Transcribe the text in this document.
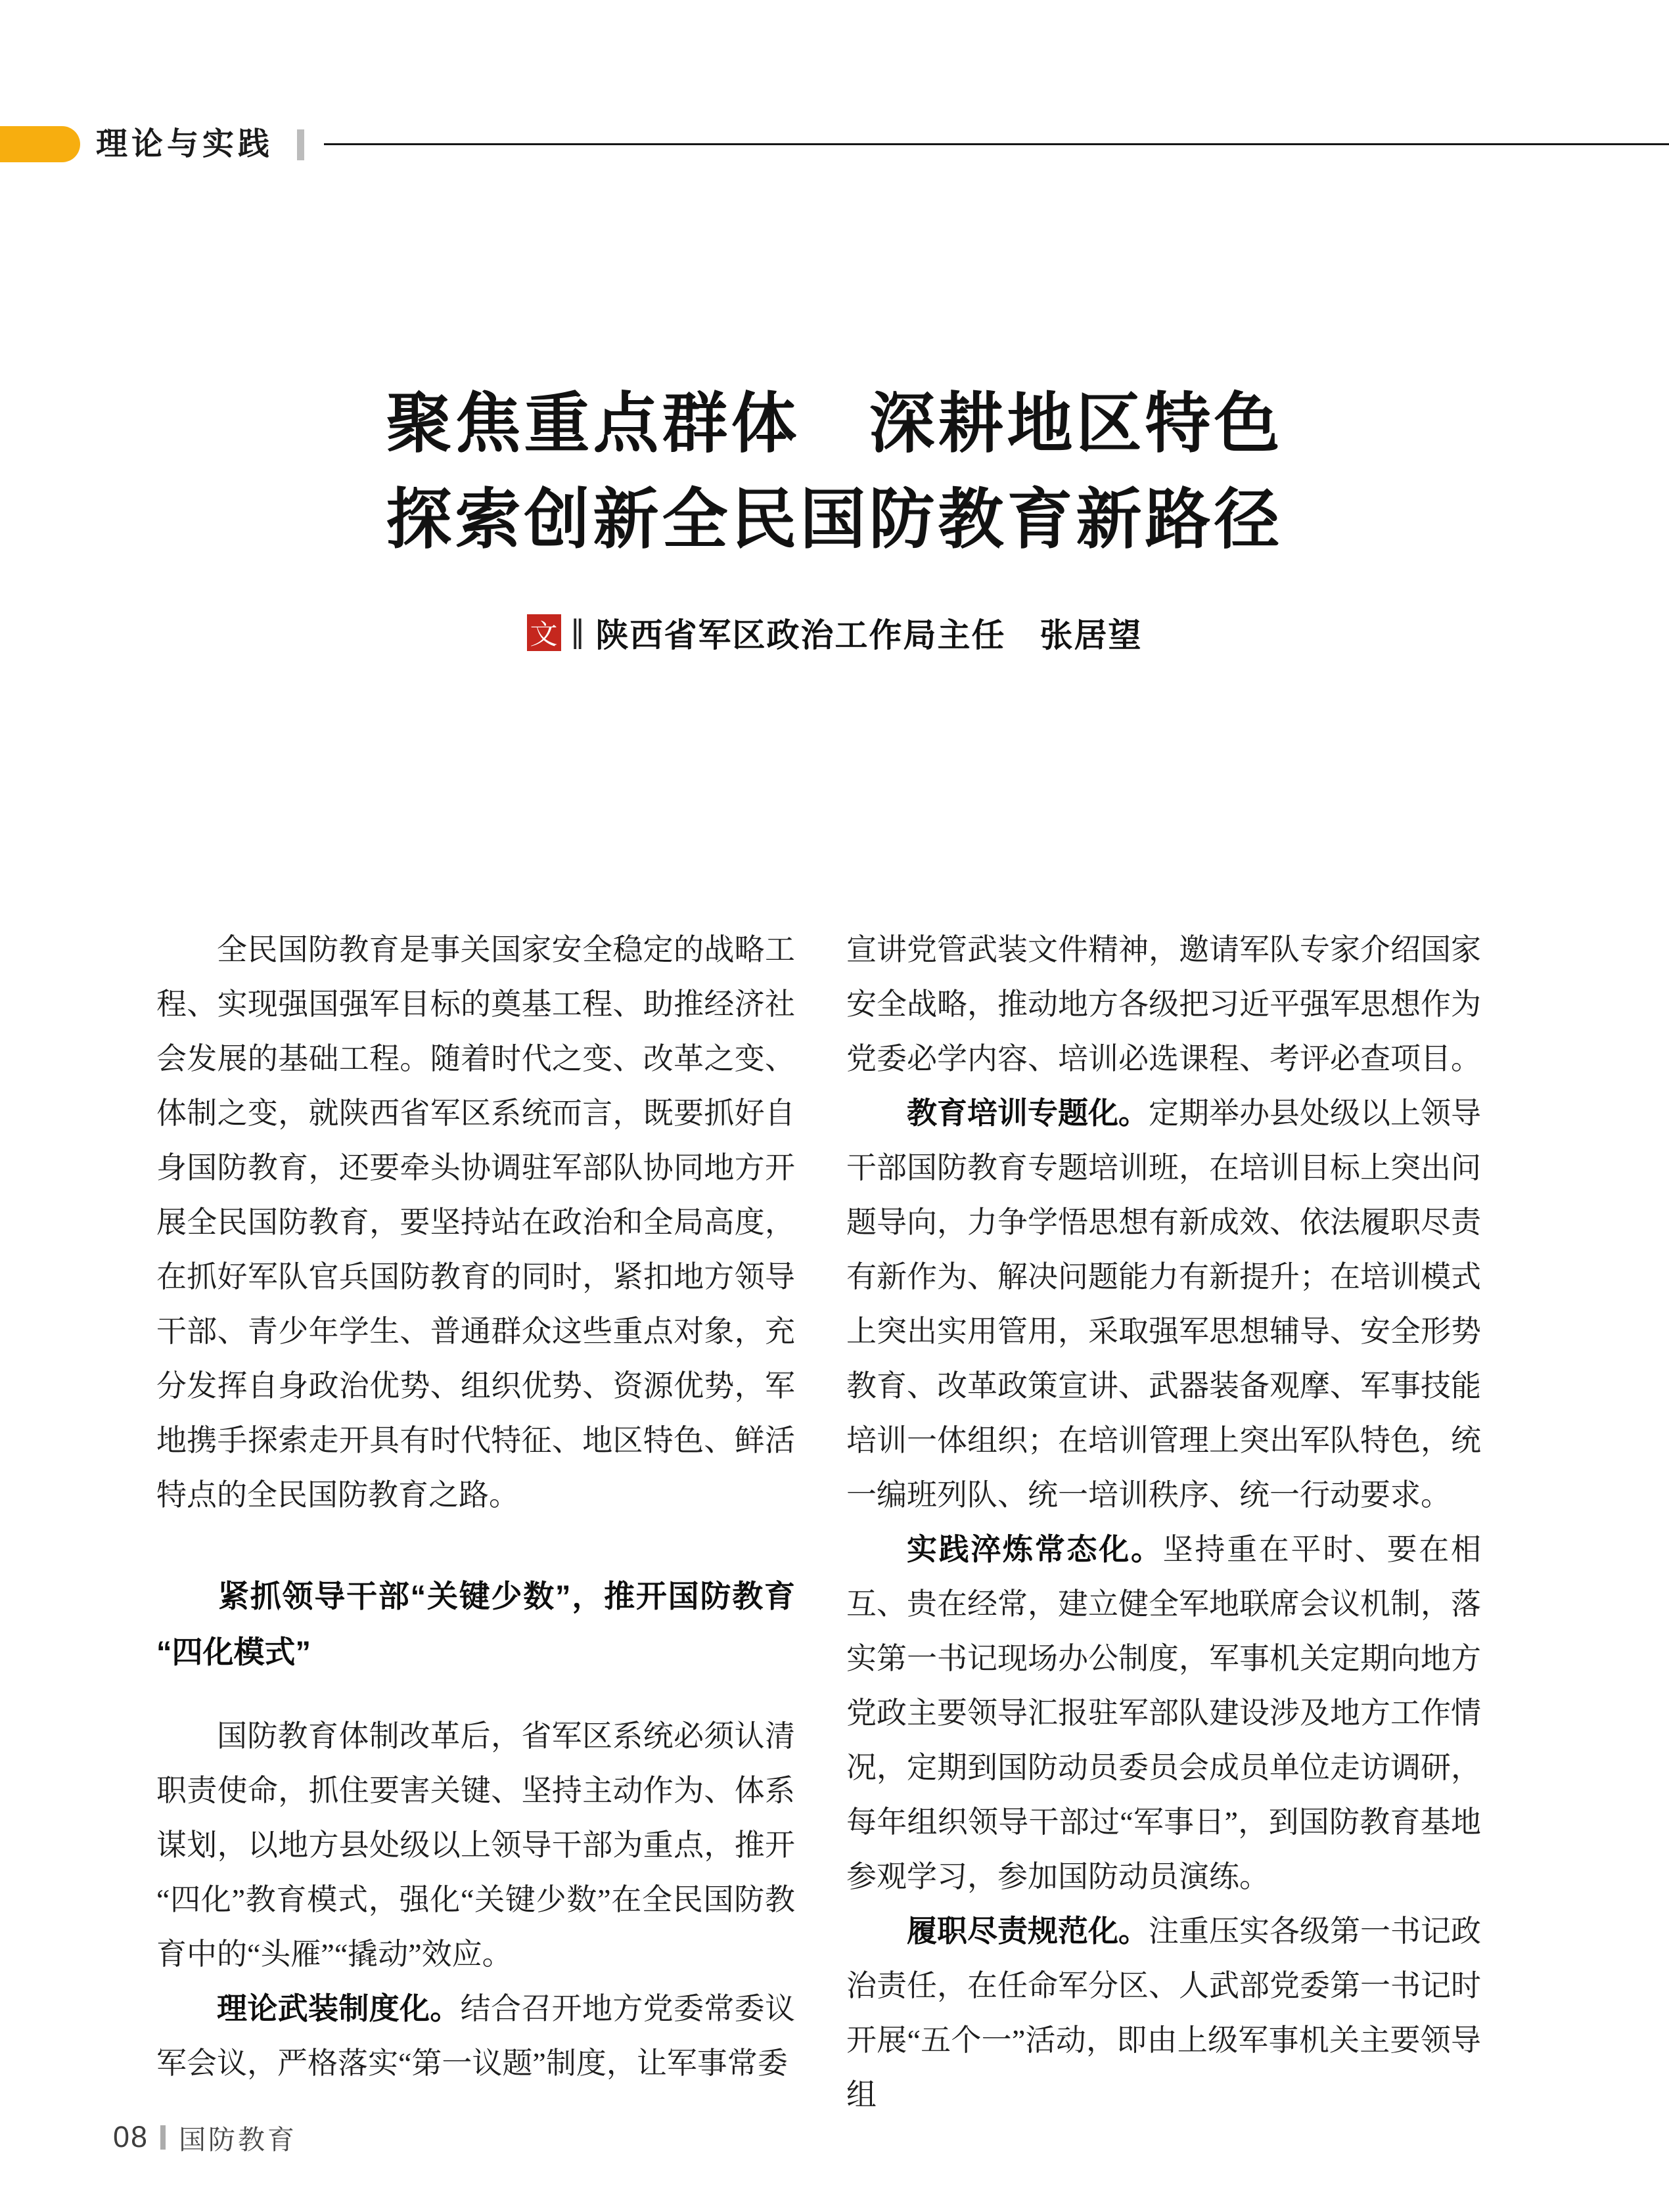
理论与实践
聚焦重点群体　深耕地区特色
探索创新全民国防教育新路径
文 ‖ 陕西省军区政治工作局主任　张居望

全民国防教育是事关国家安全稳定的战略工程、实现强国强军目标的奠基工程、助推经济社会发展的基础工程。随着时代之变、改革之变、体制之变，就陕西省军区系统而言，既要抓好自身国防教育，还要牵头协调驻军部队协同地方开展全民国防教育，要坚持站在政治和全局高度，在抓好军队官兵国防教育的同时，紧扣地方领导干部、青少年学生、普通群众这些重点对象，充分发挥自身政治优势、组织优势、资源优势，军地携手探索走开具有时代特征、地区特色、鲜活特点的全民国防教育之路。

紧抓领导干部“关键少数”，推开国防教育“四化模式”

国防教育体制改革后，省军区系统必须认清职责使命，抓住要害关键、坚持主动作为、体系谋划，以地方县处级以上领导干部为重点，推开“四化”教育模式，强化“关键少数”在全民国防教育中的“头雁”“撬动”效应。

理论武装制度化。结合召开地方党委常委议军会议，严格落实“第一议题”制度，让军事常委

宣讲党管武装文件精神，邀请军队专家介绍国家安全战略，推动地方各级把习近平强军思想作为党委必学内容、培训必选课程、考评必查项目。

教育培训专题化。定期举办县处级以上领导干部国防教育专题培训班，在培训目标上突出问题导向，力争学悟思想有新成效、依法履职尽责有新作为、解决问题能力有新提升；在培训模式上突出实用管用，采取强军思想辅导、安全形势教育、改革政策宣讲、武器装备观摩、军事技能培训一体组织；在培训管理上突出军队特色，统一编班列队、统一培训秩序、统一行动要求。

实践淬炼常态化。坚持重在平时、要在相互、贵在经常，建立健全军地联席会议机制，落实第一书记现场办公制度，军事机关定期向地方党政主要领导汇报驻军部队建设涉及地方工作情况，定期到国防动员委员会成员单位走访调研，每年组织领导干部过“军事日”，到国防教育基地参观学习，参加国防动员演练。

履职尽责规范化。注重压实各级第一书记政治责任，在任命军分区、人武部党委第一书记时开展“五个一”活动，即由上级军事机关主要领导组

08 国防教育
